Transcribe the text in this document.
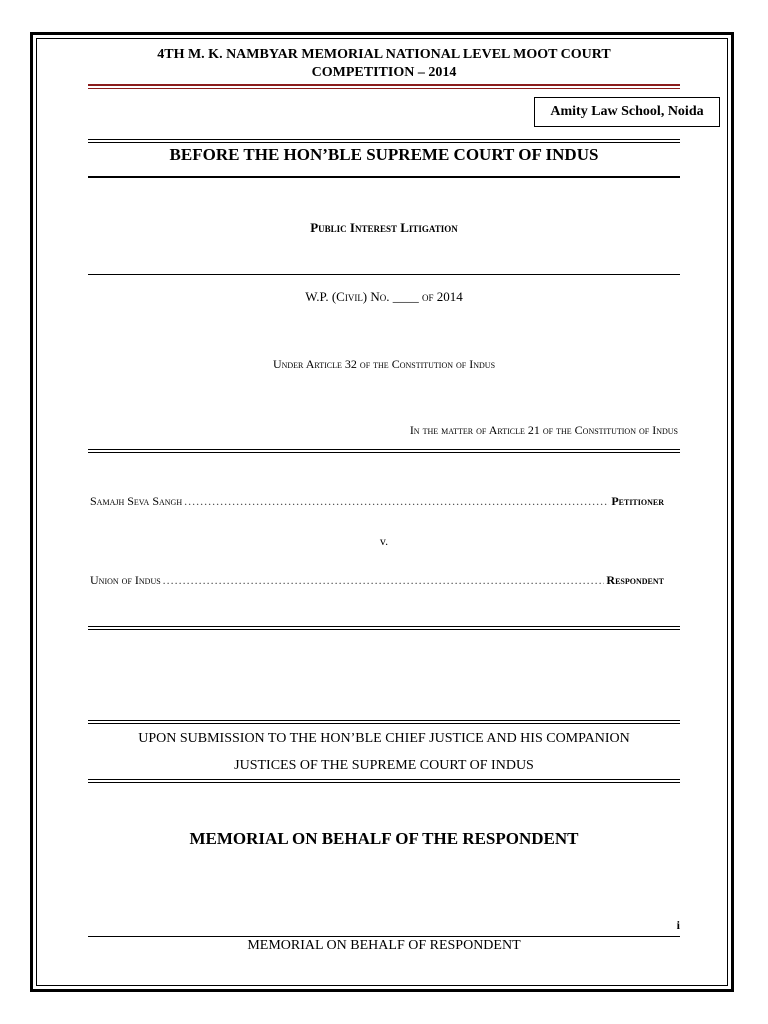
4TH M. K. NAMBYAR MEMORIAL NATIONAL LEVEL MOOT COURT
COMPETITION – 2014
Amity Law School, Noida
BEFORE THE HON’BLE SUPREME COURT OF INDUS
Public Interest Litigation
W.P. (Civil) No. ____ of 2014
Under Article 32 of the Constitution of Indus
In the matter of Article 21 of the Constitution of Indus
Samajh Seva Sangh .....	Petitioner
v.
Union of Indus .....	Respondent
UPON SUBMISSION TO THE HON’BLE CHIEF JUSTICE AND HIS COMPANION
JUSTICES OF THE SUPREME COURT OF INDUS
MEMORIAL ON BEHALF OF THE RESPONDENT
i
MEMORIAL ON BEHALF OF RESPONDENT
